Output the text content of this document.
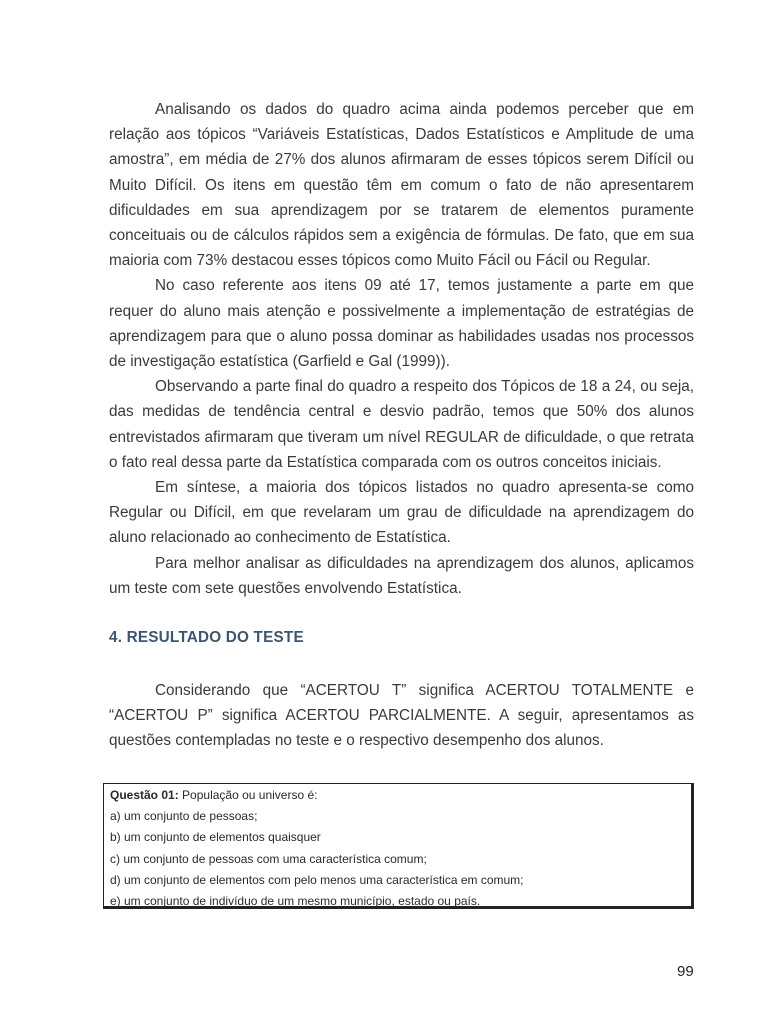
Analisando os dados do quadro acima ainda podemos perceber que em relação aos tópicos “Variáveis Estatísticas, Dados Estatísticos e Amplitude de uma amostra”, em média de 27% dos alunos afirmaram de esses tópicos serem Difícil ou Muito Difícil. Os itens em questão têm em comum o fato de não apresentarem dificuldades em sua aprendizagem por se tratarem de elementos puramente conceituais ou de cálculos rápidos sem a exigência de fórmulas. De fato, que em sua maioria com 73% destacou esses tópicos como Muito Fácil ou Fácil ou Regular.

No caso referente aos itens 09 até 17, temos justamente a parte em que requer do aluno mais atenção e possivelmente a implementação de estratégias de aprendizagem para que o aluno possa dominar as habilidades usadas nos processos de investigação estatística (Garfield e Gal (1999)).

Observando a parte final do quadro a respeito dos Tópicos de 18 a 24, ou seja, das medidas de tendência central e desvio padrão, temos que 50% dos alunos entrevistados afirmaram que tiveram um nível REGULAR de dificuldade, o que retrata o fato real dessa parte da Estatística comparada com os outros conceitos iniciais.

Em síntese, a maioria dos tópicos listados no quadro apresenta-se como Regular ou Difícil, em que revelaram um grau de dificuldade na aprendizagem do aluno relacionado ao conhecimento de Estatística.

Para melhor analisar as dificuldades na aprendizagem dos alunos, aplicamos um teste com sete questões envolvendo Estatística.

4. RESULTADO DO TESTE

Considerando que “ACERTOU T” significa ACERTOU TOTALMENTE e “ACERTOU P” significa ACERTOU PARCIALMENTE. A seguir, apresentamos as questões contempladas no teste e o respectivo desempenho dos alunos.

Questão 01: População ou universo é:
a) um conjunto de pessoas;
b) um conjunto de elementos quaisquer
c) um conjunto de pessoas com uma característica comum;
d) um conjunto de elementos com pelo menos uma característica em comum;
e) um conjunto de indivíduo de um mesmo município, estado ou país.
99
